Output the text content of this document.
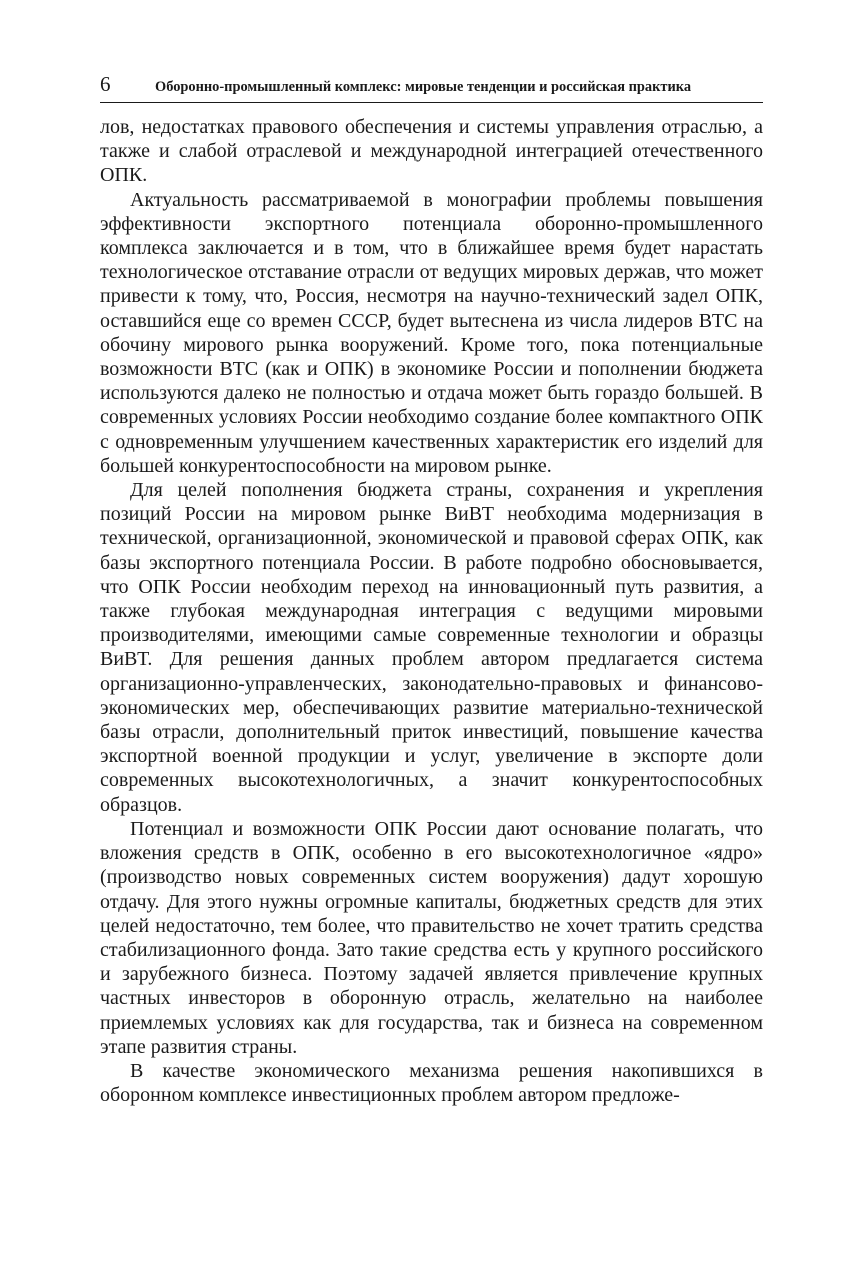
6	Оборонно-промышленный комплекс: мировые тенденции и российская практика

лов, недостатках правового обеспечения и системы управления отраслью, а также и слабой отраслевой и международной интеграцией отечественного ОПК.

Актуальность рассматриваемой в монографии проблемы повышения эффективности экспортного потенциала оборонно-промышленного комплекса заключается и в том, что в ближайшее время будет нарастать технологическое отставание отрасли от ведущих мировых держав, что может привести к тому, что, Россия, несмотря на научно-технический задел ОПК, оставшийся еще со времен СССР, будет вытеснена из числа лидеров ВТС на обочину мирового рынка вооружений. Кроме того, пока потенциальные возможности ВТС (как и ОПК) в экономике России и пополнении бюджета используются далеко не полностью и отдача может быть гораздо большей. В современных условиях России необходимо создание более компактного ОПК с одновременным улучшением качественных характеристик его изделий для большей конкурентоспособности на мировом рынке.

Для целей пополнения бюджета страны, сохранения и укрепления позиций России на мировом рынке ВиВТ необходима модернизация в технической, организационной, экономической и правовой сферах ОПК, как базы экспортного потенциала России. В работе подробно обосновывается, что ОПК России необходим переход на инновационный путь развития, а также глубокая международная интеграция с ведущими мировыми производителями, имеющими самые современные технологии и образцы ВиВТ. Для решения данных проблем автором предлагается система организационно-управленческих, законодательно-правовых и финансово-экономических мер, обеспечивающих развитие материально-технической базы отрасли, дополнительный приток инвестиций, повышение качества экспортной военной продукции и услуг, увеличение в экспорте доли современных высокотехнологичных, а значит конкурентоспособных образцов.

Потенциал и возможности ОПК России дают основание полагать, что вложения средств в ОПК, особенно в его высокотехнологичное «ядро» (производство новых современных систем вооружения) дадут хорошую отдачу. Для этого нужны огромные капиталы, бюджетных средств для этих целей недостаточно, тем более, что правительство не хочет тратить средства стабилизационного фонда. Зато такие средства есть у крупного российского и зарубежного бизнеса. Поэтому задачей является привлечение крупных частных инвесторов в оборонную отрасль, желательно на наиболее приемлемых условиях как для государства, так и бизнеса на современном этапе развития страны.

В качестве экономического механизма решения накопившихся в оборонном комплексе инвестиционных проблем автором предложе-
